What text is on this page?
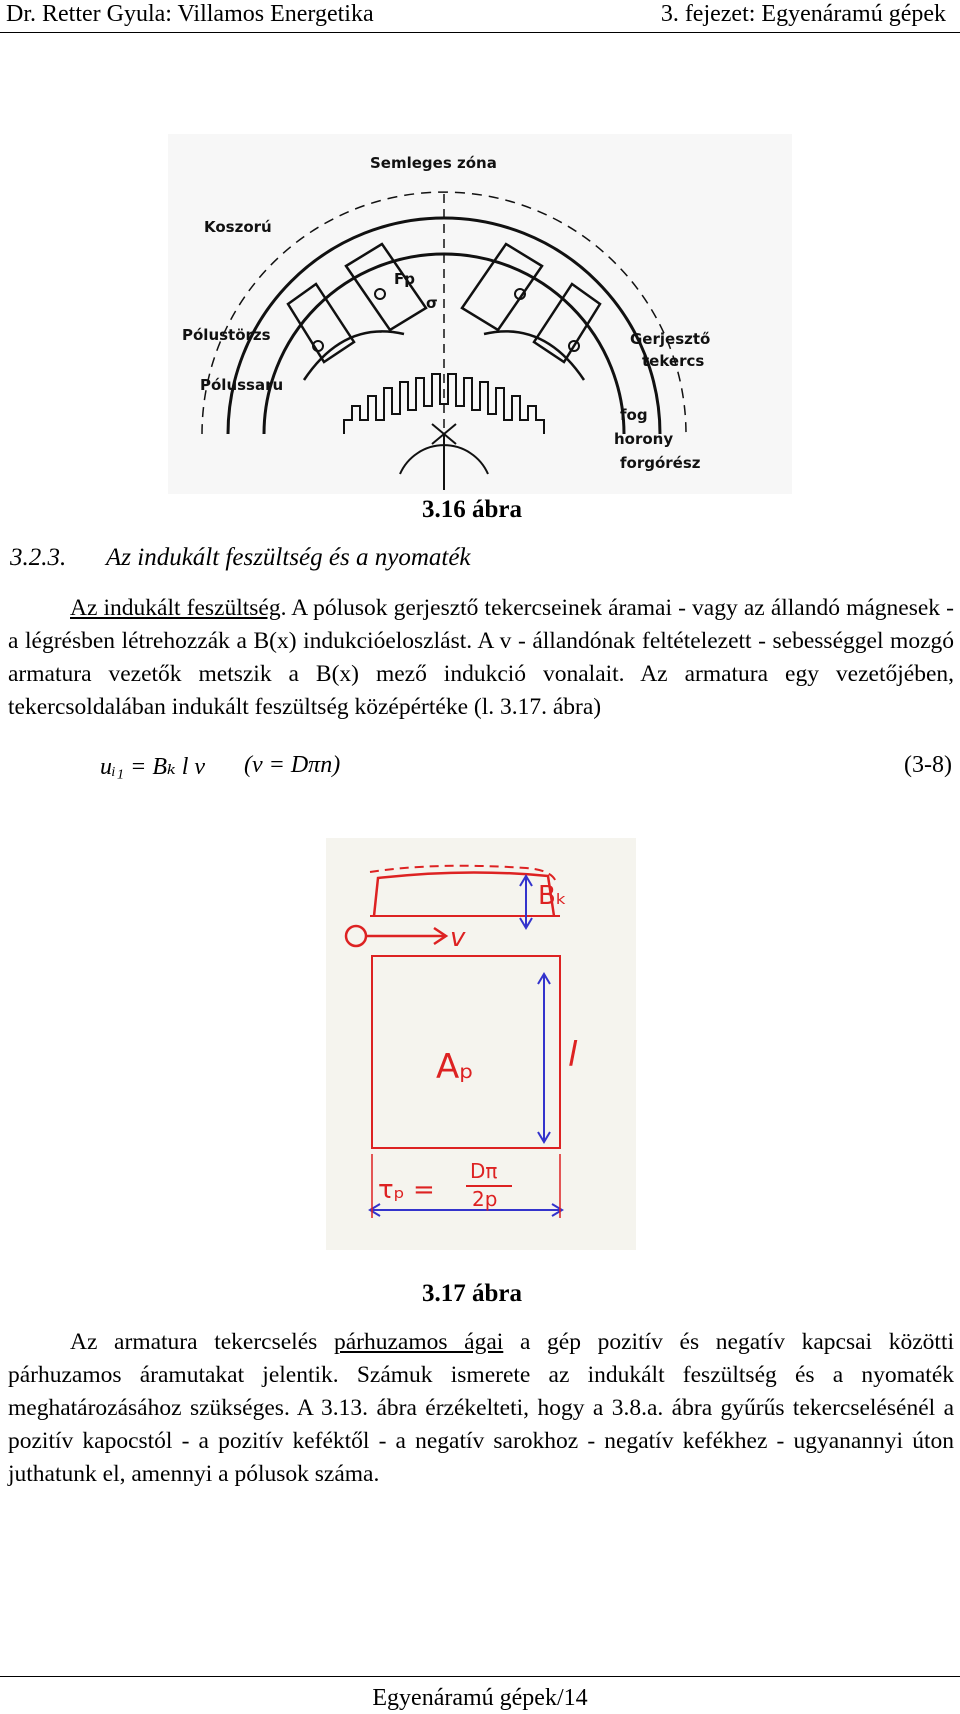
Dr. Retter Gyula: Villamos Energetika	3. fejezet: Egyenáramú gépek
Semleges zóna
Koszorú
Pólustörzs
Pólussaru
Gerjesztő
tekercs
fog
horony
forgórész
Fp
σ
3.16 ábra
3.2.3. Az indukált feszültség és a nyomaték

Az indukált feszültség. A pólusok gerjesztő tekercseinek áramai - vagy az állandó mágnesek - a légrésben létrehozzák a B(x) indukcióeloszlást. A v - állandónak feltételezett - sebességgel mozgó armatura vezetők metszik a B(x) mező indukció vonalait. Az armatura egy vezetőjében, tekercsoldalában indukált feszültség középértéke (l. 3.17. ábra)

uᵢ₁ = Bₖ l v (v = Dπn)	(3-8)
v
Bₖ
Aₚ	l
τₚ =
Dπ
2p
3.17 ábra

Az armatura tekercselés párhuzamos ágai a gép pozitív és negatív kapcsai közötti párhuzamos áramutakat jelentik. Számuk ismerete az indukált feszültség és a nyomaték meghatározásához szükséges. A 3.13. ábra érzékelteti, hogy a 3.8.a. ábra gyűrűs tekercselésénél a pozitív kapocstól - a pozitív keféktől - a negatív sarokhoz - negatív kefékhez - ugyanannyi úton juthatunk el, amennyi a pólusok száma.

Egyenáramú gépek/14
